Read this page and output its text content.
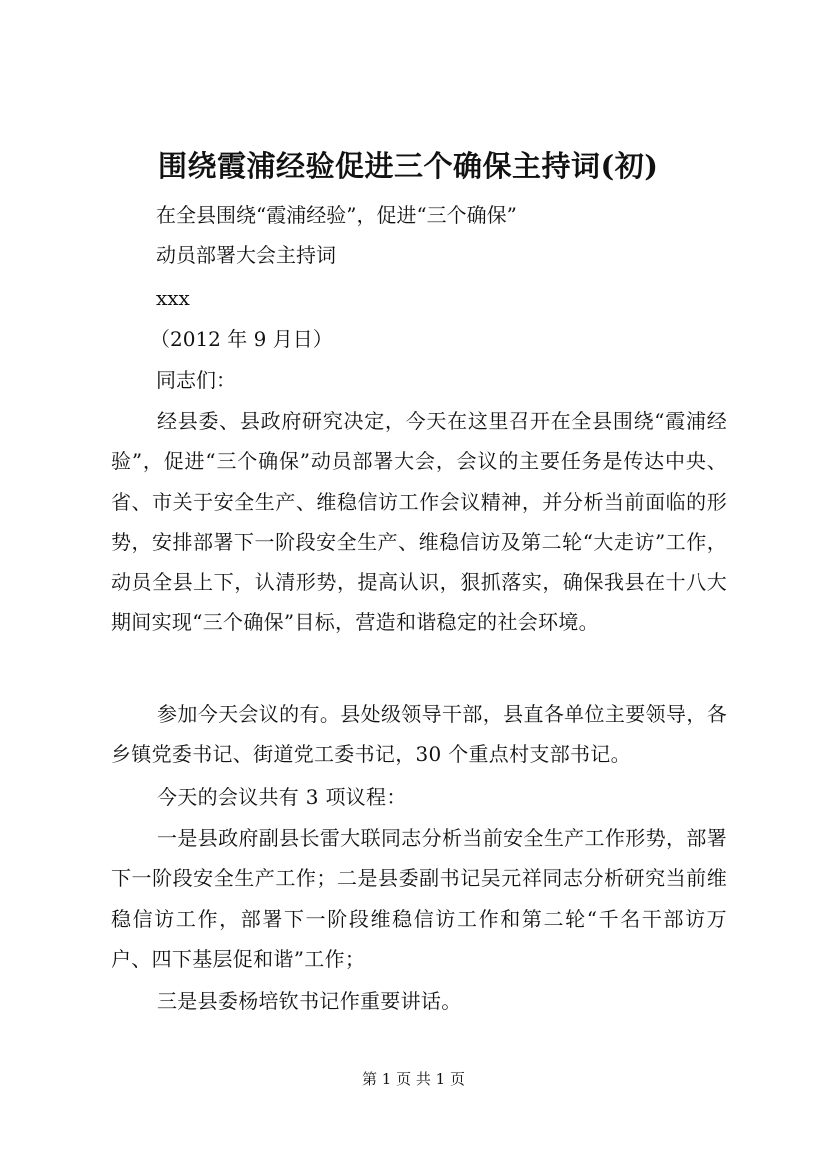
围绕霞浦经验促进三个确保主持词(初)
在全县围绕“霞浦经验”，促进“三个确保”
动员部署大会主持词
xxx
（2012 年 9 月日）
同志们：
经县委、县政府研究决定，今天在这里召开在全县围绕“霞浦经验”，促进“三个确保”动员部署大会，会议的主要任务是传达中央、省、市关于安全生产、维稳信访工作会议精神，并分析当前面临的形势，安排部署下一阶段安全生产、维稳信访及第二轮“大走访”工作，动员全县上下，认清形势，提高认识，狠抓落实，确保我县在十八大期间实现“三个确保”目标，营造和谐稳定的社会环境。
参加今天会议的有。县处级领导干部，县直各单位主要领导，各乡镇党委书记、街道党工委书记，30 个重点村支部书记。
今天的会议共有 3 项议程：
一是县政府副县长雷大联同志分析当前安全生产工作形势，部署下一阶段安全生产工作；二是县委副书记吴元祥同志分析研究当前维稳信访工作，部署下一阶段维稳信访工作和第二轮“千名干部访万户、四下基层促和谐”工作；
三是县委杨培钦书记作重要讲话。
第 1 页 共 1 页
